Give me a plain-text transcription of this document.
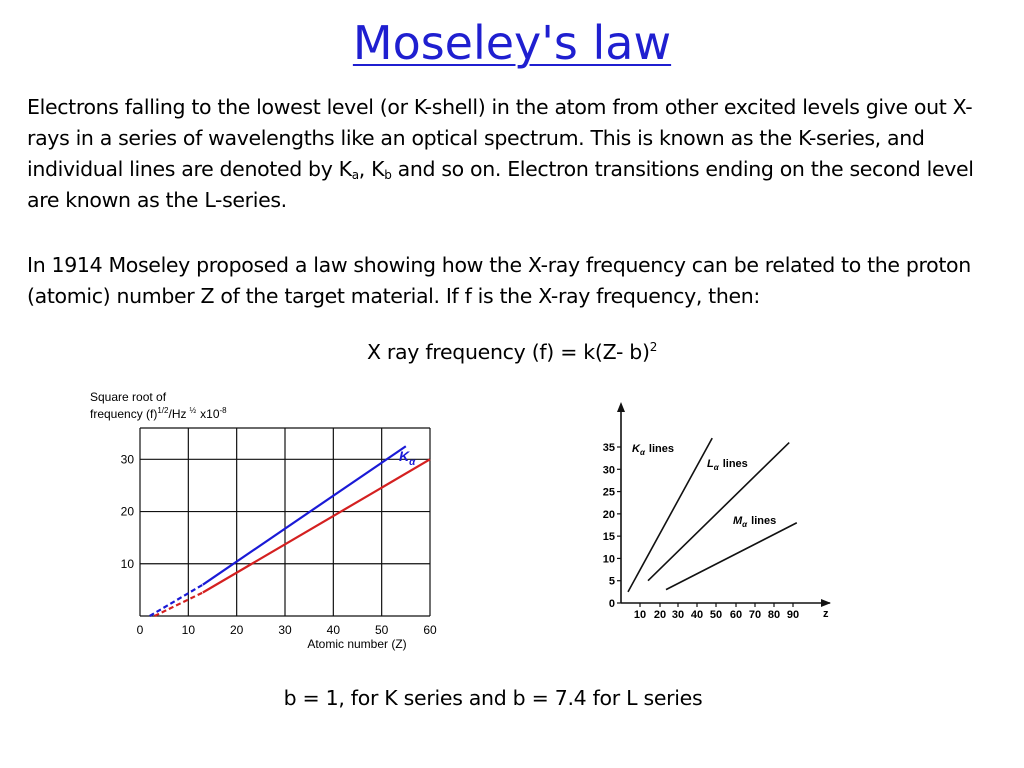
Moseley's law

Electrons falling to the lowest level (or K-shell) in the atom from other excited levels give out X-rays in a series of wavelengths like an optical spectrum. This is known as the K-series, and individual lines are denoted by $K_a$, $K_b$ and so on. Electron transitions ending on the second level are known as the L-series.

In 1914 Moseley proposed a law showing how the X-ray frequency can be related to the proton (atomic) number Z of the target material. If f is the X-ray frequency, then:

X ray frequency (f) = k(Z- b)$^2$
Square root of
frequency $(f)^{1/2}/Hz$ $^{\frac{1}{2}}$ $x10^{-8}$
0	10	20	30	40	50	60
10
20
30	$K_\alpha$
Atomic number (Z)
0
5
10
15
20
25
30
35
10 20 30 40 50 60 70 80 90
$K_\alpha$ lines
$L_\alpha$ lines
$M_\alpha$ lines
z
b = 1, for K series and b = 7.4 for L series
